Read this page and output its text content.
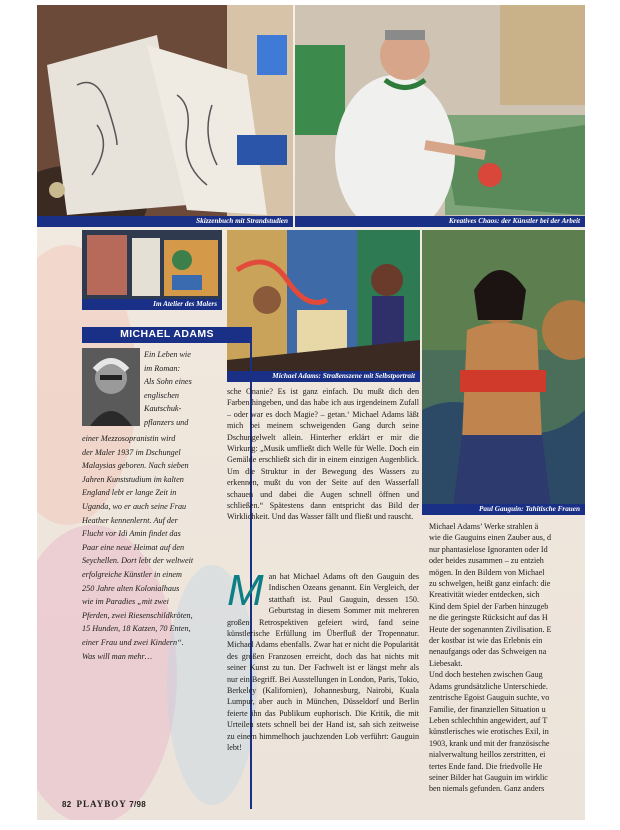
Skizzenbuch mit Strandstudien	Kreatives Chaos: der Künstler bei der Arbeit
Im Atelier des Malers
Michael Adams: Straßenszene mit Selbstportrait
Paul Gauguin: Tahitische Frauen
MICHAEL ADAMS
Ein Leben wie
im Roman:
Als Sohn eines
englischen
Kautschuk-
pflanzers und
einer Mezzosopranistin wird
der Maler 1937 im Dschungel
Malaysias geboren. Nach sieben
Jahren Kunststudium im kalten
England lebt er lange Zeit in
Uganda, wo er auch seine Frau
Heather kennenlernt. Auf der
Flucht vor Idi Amin findet das
Paar eine neue Heimat auf den
Seychellen. Dort lebt der weltweit
erfolgreiche Künstler in einem
250 Jahre alten Kolonialhaus
wie im Paradies „mit zwei
Pferden, zwei Riesenschildkröten,
15 Hunden, 18 Katzen, 70 Enten,
einer Frau und zwei Kindern“.
Was will man mehr…
sche Onanie? Es ist ganz einfach. Du mußt dich den Farben hingeben, und das habe ich aus irgendeinem Zufall – oder war es doch Magie? – getan.‘ Michael Adams läßt mich bei meinem schweigenden Gang durch seine Dschungelwelt allein. Hinterher erklärt er mir die Wirkung: „Musik umfließt dich Welle für Welle. Doch ein Gemälde erschließt sich dir in einem einzigen Augenblick. Um die Struktur in der Bewegung des Wassers zu erkennen, mußt du von der Seite auf den Wasserfall schauen und dabei die Augen schnell öffnen und schließen.“ Spätestens dann entspricht das Bild der Wirklichkeit. Und das Wasser fällt und fließt und rauscht.
Man hat Michael Adams oft den Gauguin des Indischen Ozeans genannt. Ein Vergleich, der statthaft ist. Paul Gauguin, dessen 150. Geburtstag in diesem Sommer mit mehreren großen Retrospektiven gefeiert wird, fand seine künstlerische Erfüllung im Überfluß der Tropennatur. Michael Adams ebenfalls. Zwar hat er nicht die Popularität des großen Franzosen erreicht, doch das hat nichts mit seiner Kunst zu tun. Der Fachwelt ist er längst mehr als nur ein Begriff. Bei Ausstellungen in London, Paris, Tokio, Berkeley (Kalifornien), Johannesburg, Nairobi, Kuala Lumpur, aber auch in München, Düsseldorf und Berlin feierte ihn das Publikum euphorisch. Die Kritik, die mit Urteilen stets schnell bei der Hand ist, sah sich zeitweise zu einem himmelhoch jauchzenden Lob verführt: Gauguin lebt!
Michael Adams’ Werke strahlen ä
wie die Gauguins einen Zauber aus, d
nur phantasielose Ignoranten oder Id
oder beides zusammen – zu entzieh
mögen. In den Bildern von Michael
zu schwelgen, heißt ganz einfach: die
Kreativität wieder entdecken, sich
Kind dem Spiel der Farben hinzugeb
ne die geringste Rücksicht auf das H
Heute der sogenannten Zivilisation. E
der kostbar ist wie das Erlebnis ein
nenaufgangs oder das Schweigen na
Liebesakt.
Und doch bestehen zwischen Gaug
Adams grundsätzliche Unterschiede.
zentrische Egoist Gauguin suchte, vo
Familie, der finanziellen Situation u
Leben schlechthin angewidert, auf T
künstlerisches wie erotisches Exil, in
1903, krank und mit der französische
nialverwaltung heillos zerstritten, ei
tertes Ende fand. Die friedvolle He
seiner Bilder hat Gauguin im wirklic
ben niemals gefunden. Ganz anders
82 PLAYBOY 7/98
